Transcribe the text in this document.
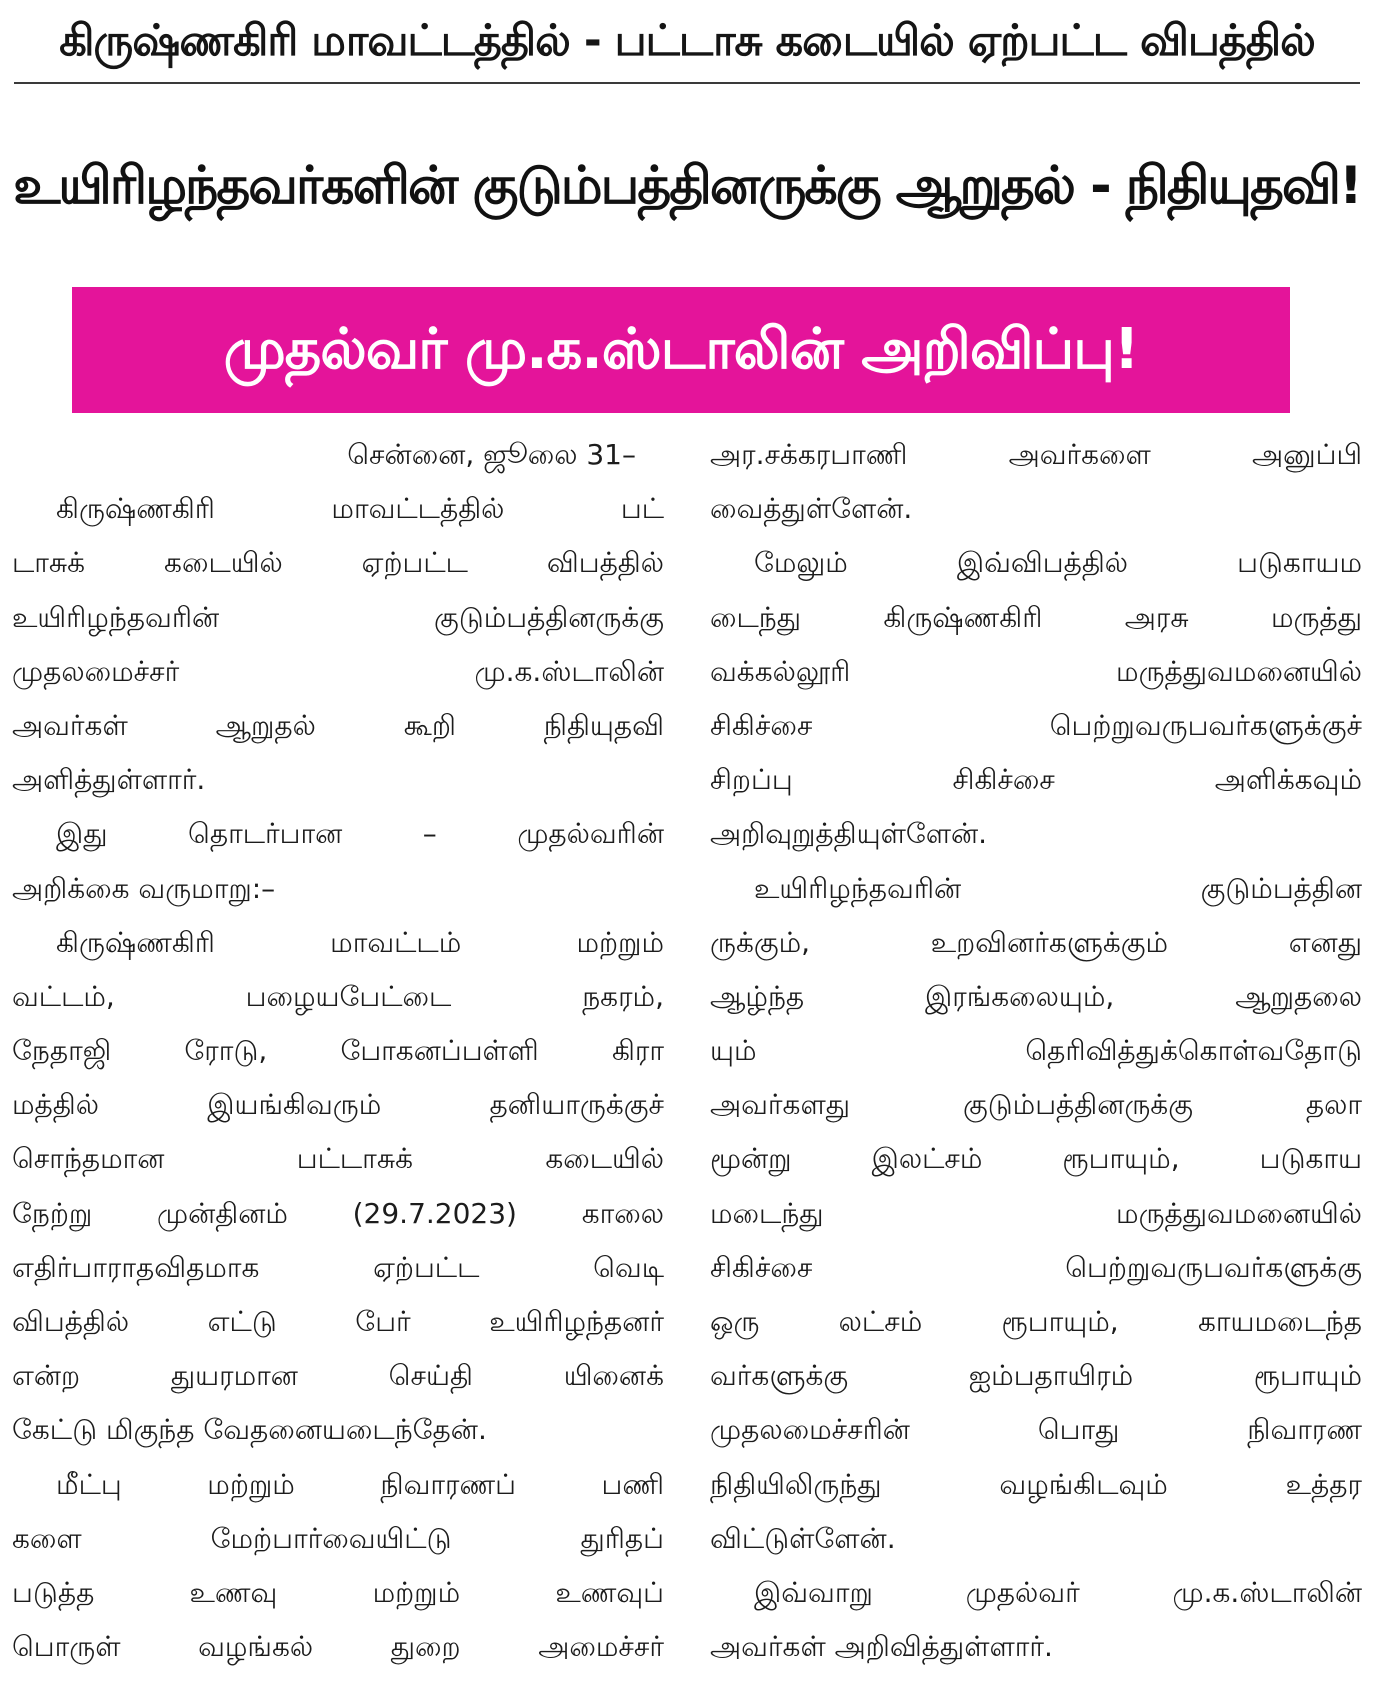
கிருஷ்ணகிரி மாவட்டத்தில் - பட்டாசு கடையில் ஏற்பட்ட விபத்தில்
உயிரிழந்தவர்களின் குடும்பத்தினருக்கு ஆறுதல் - நிதியுதவி!
முதல்வர் மு.க.ஸ்டாலின் அறிவிப்பு!
சென்னை, ஜூலை 31–
கிருஷ்ணகிரி மாவட்டத்தில் பட்
டாசுக் கடையில் ஏற்பட்ட விபத்தில்
உயிரிழந்தவரின் குடும்பத்தினருக்கு
முதலமைச்சர் மு.க.ஸ்டாலின்
அவர்கள் ஆறுதல் கூறி நிதியுதவி
அளித்துள்ளார்.
இது தொடர்பான – முதல்வரின்
அறிக்கை வருமாறு:–
கிருஷ்ணகிரி மாவட்டம் மற்றும்
வட்டம், பழையபேட்டை நகரம்,
நேதாஜி ரோடு, போகனப்பள்ளி கிரா
மத்தில் இயங்கிவரும் தனியாருக்குச்
சொந்தமான பட்டாசுக் கடையில்
நேற்று முன்தினம் (29.7.2023) காலை
எதிர்பாராதவிதமாக ஏற்பட்ட வெடி
விபத்தில் எட்டு பேர் உயிரிழந்தனர்
என்ற துயரமான செய்தி யினைக்
கேட்டு மிகுந்த வேதனையடைந்தேன்.
மீட்பு மற்றும் நிவாரணப் பணி
களை மேற்பார்வையிட்டு துரிதப்
படுத்த உணவு மற்றும் உணவுப்
பொருள் வழங்கல் துறை அமைச்சர்
அர.சக்கரபாணி அவர்களை அனுப்பி
வைத்துள்ளேன்.
மேலும் இவ்விபத்தில் படுகாயம
டைந்து கிருஷ்ணகிரி அரசு மருத்து
வக்கல்லூரி மருத்துவமனையில்
சிகிச்சை பெற்றுவருபவர்களுக்குச்
சிறப்பு சிகிச்சை அளிக்கவும்
அறிவுறுத்தியுள்ளேன்.
உயிரிழந்தவரின் குடும்பத்தின
ருக்கும், உறவினர்களுக்கும் எனது
ஆழ்ந்த இரங்கலையும், ஆறுதலை
யும் தெரிவித்துக்கொள்வதோடு
அவர்களது குடும்பத்தினருக்கு தலா
மூன்று இலட்சம் ரூபாயும், படுகாய
மடைந்து மருத்துவமனையில்
சிகிச்சை பெற்றுவருபவர்களுக்கு
ஒரு லட்சம் ரூபாயும், காயமடைந்த
வர்களுக்கு ஐம்பதாயிரம் ரூபாயும்
முதலமைச்சரின் பொது நிவாரண
நிதியிலிருந்து வழங்கிடவும் உத்தர
விட்டுள்ளேன்.
இவ்வாறு முதல்வர் மு.க.ஸ்டாலின்
அவர்கள் அறிவித்துள்ளார்.
